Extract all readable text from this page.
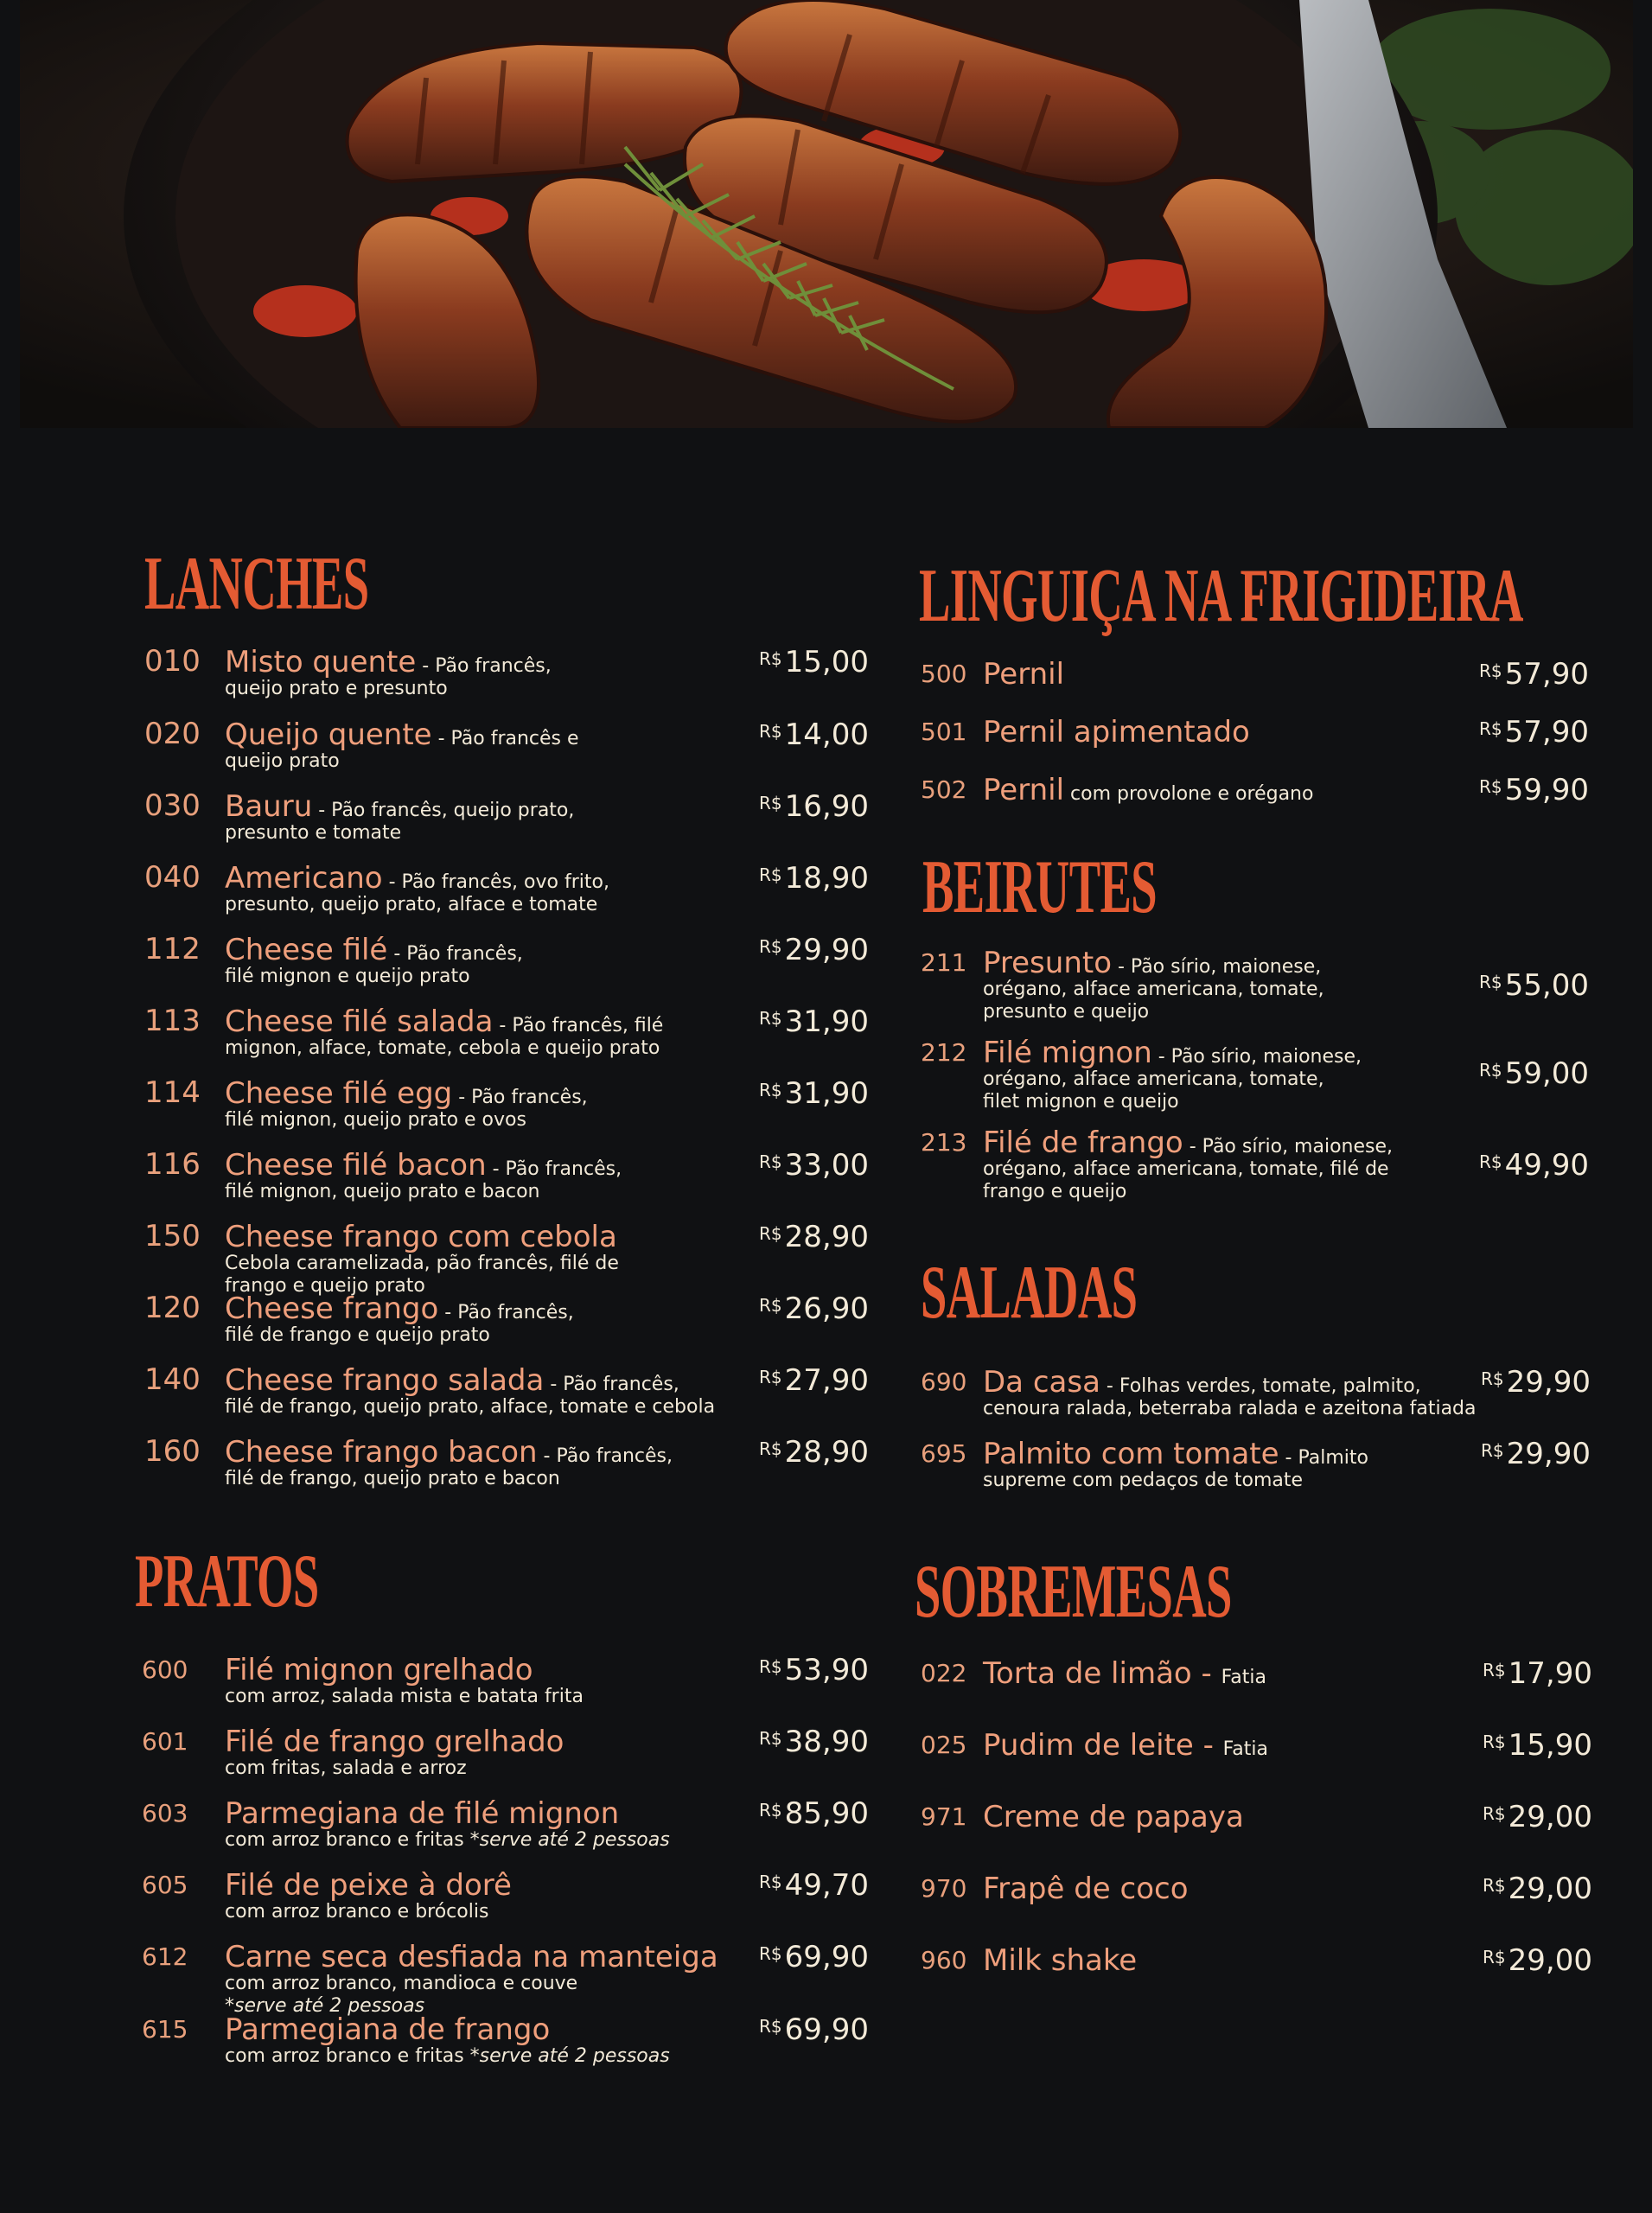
LANCHES
010 Misto quente - Pão francês,
queijo prato e presunto
R$15,00
020 Queijo quente - Pão francês e
queijo prato
R$14,00
030 Bauru - Pão francês, queijo prato,
presunto e tomate
R$16,90
040 Americano - Pão francês, ovo frito,
presunto, queijo prato, alface e tomate
R$18,90
112 Cheese filé - Pão francês,
filé mignon e queijo prato
R$29,90
113 Cheese filé salada - Pão francês, filé
mignon, alface, tomate, cebola e queijo prato
R$31,90
114 Cheese filé egg - Pão francês,
filé mignon, queijo prato e ovos
R$31,90
116 Cheese filé bacon - Pão francês,
filé mignon, queijo prato e bacon
R$33,00
150 Cheese frango com cebola
Cebola caramelizada, pão francês, filé de
frango e queijo prato
R$28,90
120 Cheese frango - Pão francês,
filé de frango e queijo prato
R$26,90
140 Cheese frango salada - Pão francês,
filé de frango, queijo prato, alface, tomate e cebola
R$27,90
160 Cheese frango bacon - Pão francês,
filé de frango, queijo prato e bacon
R$28,90
PRATOS
600 Filé mignon grelhado
com arroz, salada mista e batata frita
R$53,90
601 Filé de frango grelhado
com fritas, salada e arroz
R$38,90
603 Parmegiana de filé mignon
com arroz branco e fritas *serve até 2 pessoas
R$85,90
605 Filé de peixe à dorê
com arroz branco e brócolis
R$49,70
612 Carne seca desfiada na manteiga
com arroz branco, mandioca e couve
*serve até 2 pessoas
R$69,90
615 Parmegiana de frango
com arroz branco e fritas *serve até 2 pessoas
R$69,90
LINGUIÇA NA FRIGIDEIRA
500 Pernil	R$57,90
501 Pernil apimentado	R$57,90
502 Pernil com provolone e orégano	R$59,90
BEIRUTES
211 Presunto - Pão sírio, maionese,
orégano, alface americana, tomate,
presunto e queijo
R$55,00
212 Filé mignon - Pão sírio, maionese,
orégano, alface americana, tomate,
filet mignon e queijo
R$59,00
213 Filé de frango - Pão sírio, maionese,
orégano, alface americana, tomate, filé de
frango e queijo
R$49,90
SALADAS
690 Da casa - Folhas verdes, tomate, palmito,
cenoura ralada, beterraba ralada e azeitona fatiada
R$29,90
695 Palmito com tomate - Palmito
supreme com pedaços de tomate
R$29,90
SOBREMESAS
022 Torta de limão - Fatia	R$17,90
025 Pudim de leite - Fatia	R$15,90
971 Creme de papaya	R$29,00
970 Frapê de coco	R$29,00
960 Milk shake	R$29,00
